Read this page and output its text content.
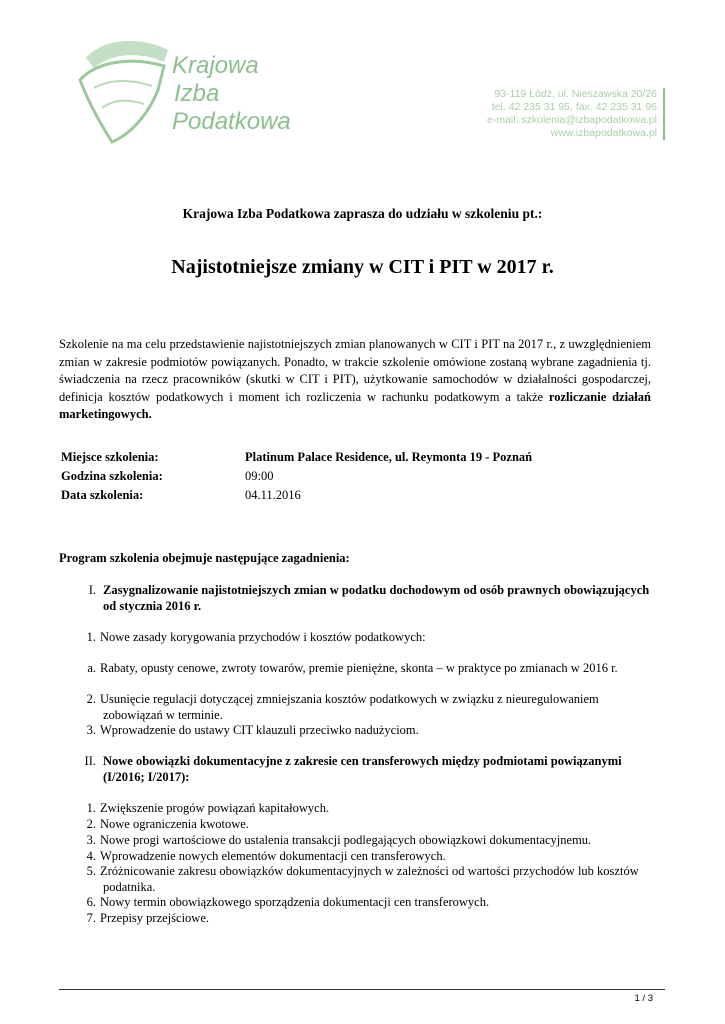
Krajowa
Izba
Podatkowa
93-119 Łódź, ul. Nieszawska 20/26
tel. 42 235 31 95, fax. 42 235 31 96
e-mail: szkolenia@izbapodatkowa.pl
www.izbapodatkowa.pl
Krajowa Izba Podatkowa zaprasza do udziału w szkoleniu pt.:
Najistotniejsze zmiany w CIT i PIT w 2017 r.
Szkolenie na ma celu przedstawienie najistotniejszych zmian planowanych w CIT i PIT na 2017 r., z uwzględnieniem zmian w zakresie podmiotów powiązanych. Ponadto, w trakcie szkolenie omówione zostaną wybrane zagadnienia tj. świadczenia na rzecz pracowników (skutki w CIT i PIT), użytkowanie samochodów w działalności gospodarczej, definicja kosztów podatkowych i moment ich rozliczenia w rachunku podatkowym a także rozliczanie działań marketingowych.
Miejsce szkolenia:	Platinum Palace Residence, ul. Reymonta 19 - Poznań
Godzina szkolenia:	09:00
Data szkolenia:	04.11.2016
Program szkolenia obejmuje następujące zagadnienia:
I. Zasygnalizowanie najistotniejszych zmian w podatku dochodowym od osób prawnych obowiązujących
od stycznia 2016 r.
1. Nowe zasady korygowania przychodów i kosztów podatkowych:
a. Rabaty, opusty cenowe, zwroty towarów, premie pieniężne, skonta – w praktyce po zmianach w 2016 r.
2. Usunięcie regulacji dotyczącej zmniejszania kosztów podatkowych w związku z nieuregulowaniem
zobowiązań w terminie.
3. Wprowadzenie do ustawy CIT klauzuli przeciwko nadużyciom.
II. Nowe obowiązki dokumentacyjne z zakresie cen transferowych między podmiotami powiązanymi
(I/2016; I/2017):
1. Zwiększenie progów powiązań kapitałowych.
2. Nowe ograniczenia kwotowe.
3. Nowe progi wartościowe do ustalenia transakcji podlegających obowiązkowi dokumentacyjnemu.
4. Wprowadzenie nowych elementów dokumentacji cen transferowych.
5. Zróżnicowanie zakresu obowiązków dokumentacyjnych w zależności od wartości przychodów lub kosztów
podatnika.
6. Nowy termin obowiązkowego sporządzenia dokumentacji cen transferowych.
7. Przepisy przejściowe.
1 / 3
